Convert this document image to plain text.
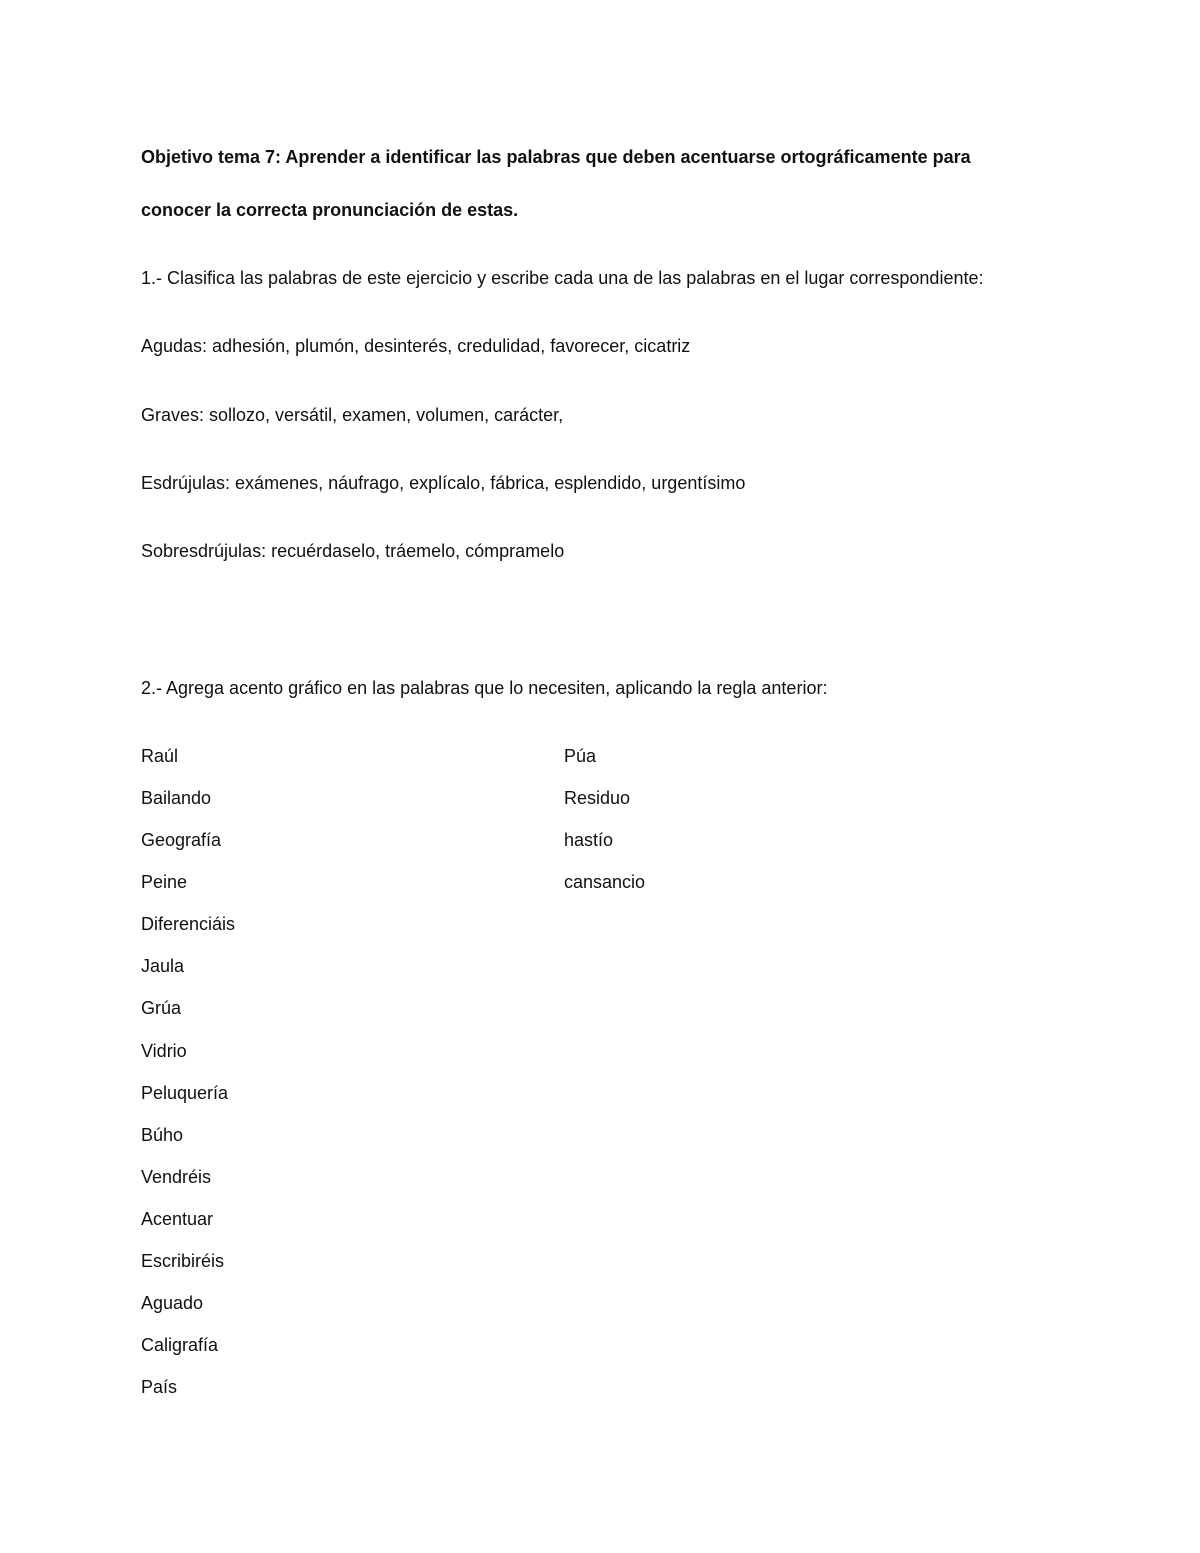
Objetivo tema 7: Aprender a identificar las palabras que deben acentuarse ortográficamente para
conocer la correcta pronunciación de estas.
1.- Clasifica las palabras de este ejercicio y escribe cada una de las palabras en el lugar correspondiente:
Agudas: adhesión, plumón, desinterés, credulidad, favorecer, cicatriz
Graves: sollozo, versátil, examen, volumen, carácter,
Esdrújulas: exámenes, náufrago, explícalo, fábrica, esplendido, urgentísimo
Sobresdrújulas: recuérdaselo, tráemelo, cómpramelo
2.- Agrega acento gráfico en las palabras que lo necesiten, aplicando la regla anterior:
Raúl
Bailando
Geografía
Peine
Diferenciáis
Jaula
Grúa
Vidrio
Peluquería
Búho
Vendréis
Acentuar
Escribiréis
Aguado
Caligrafía
País
Púa
Residuo
hastío
cansancio
